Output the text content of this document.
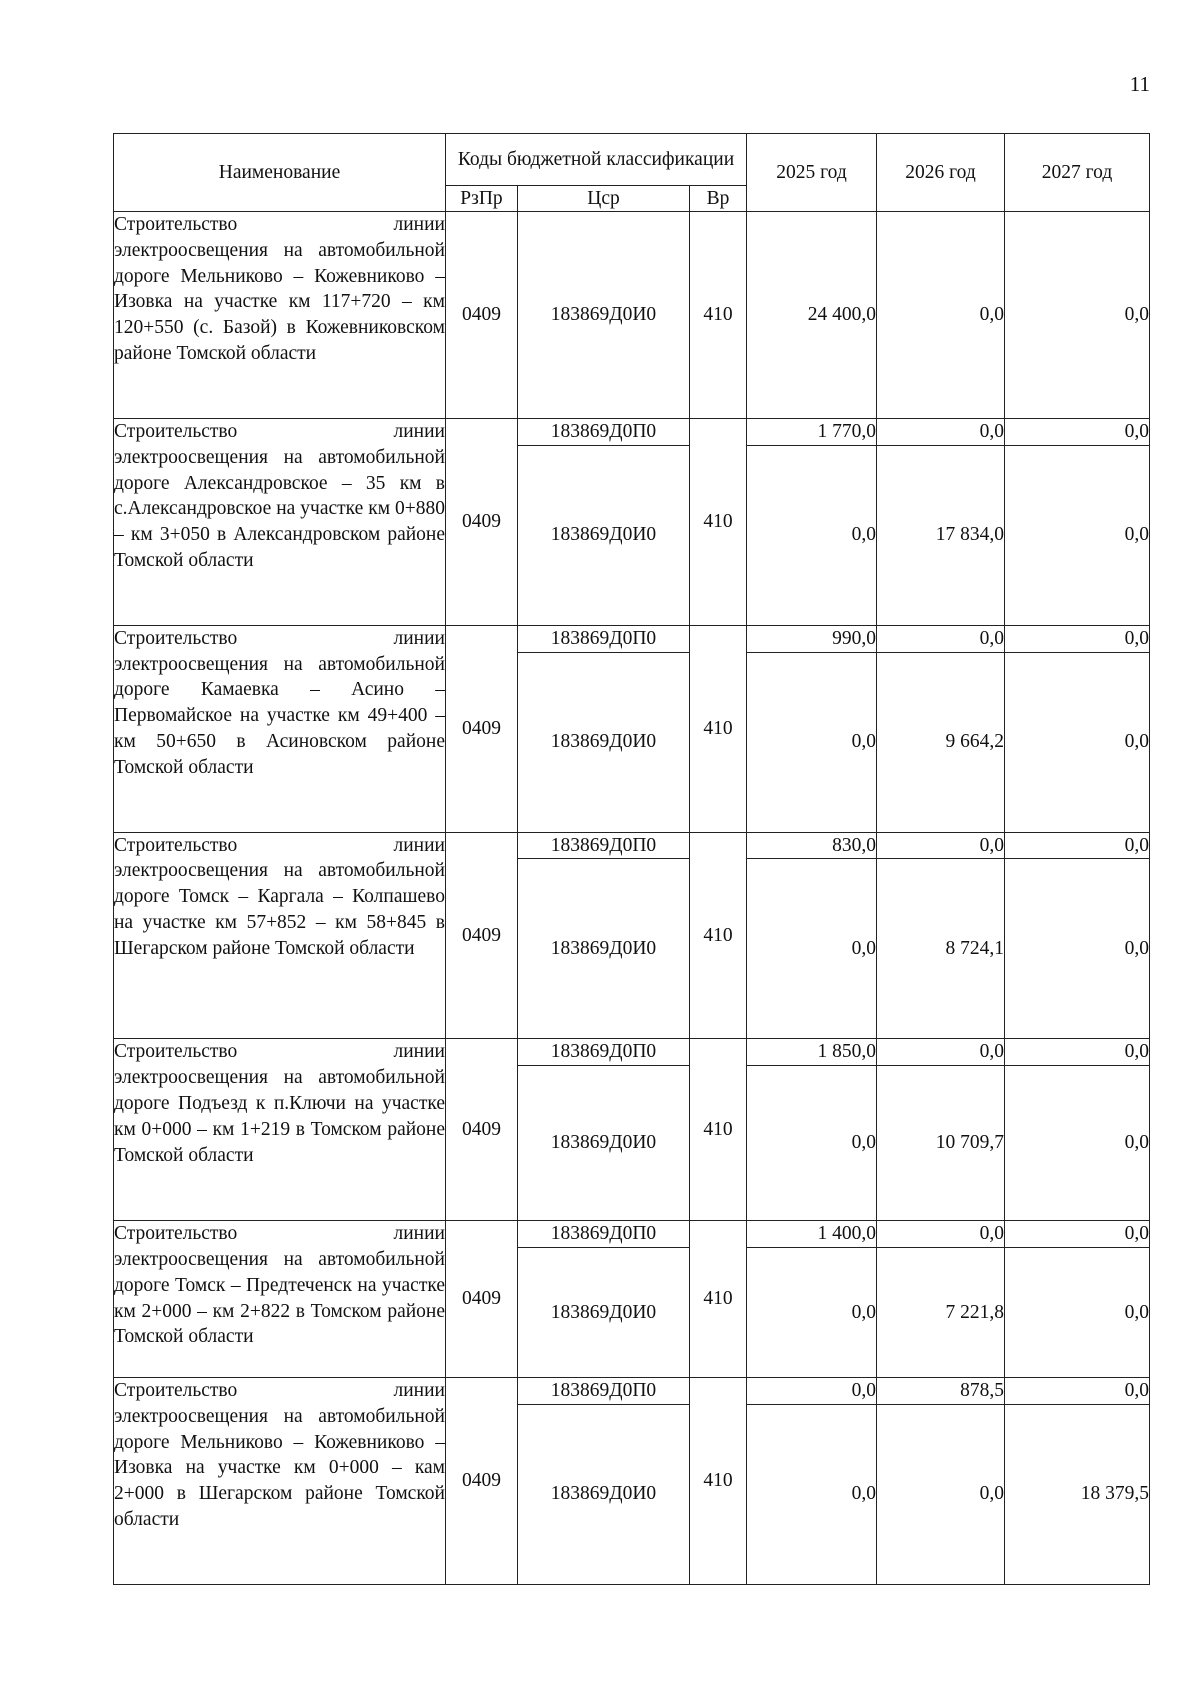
11
Наименование	Коды бюджетной классификации			2025 год	2026 год	2027 год
	РзПр	Цср	Вр			
Строительство линии электроосвещения на автомобильной дороге Мельниково – Кожевниково – Изовка на участке км 117+720 – км 120+550 (с. Базой) в Кожевниковском районе Томской области	0409	183869Д0И0	410	24 400,0	0,0	0,0
Строительство линии электроосвещения на автомобильной дороге Александровское – 35 км в с.Александровское на участке км 0+880 – км 3+050 в Александровском районе Томской области	0409	183869Д0П0	410	1 770,0	0,0	0,0
		183869Д0И0		0,0	17 834,0	0,0
Строительство линии электроосвещения на автомобильной дороге Камаевка – Асино – Первомайское на участке км 49+400 – км 50+650 в Асиновском районе Томской области	0409	183869Д0П0	410	990,0	0,0	0,0
		183869Д0И0		0,0	9 664,2	0,0
Строительство линии электроосвещения на автомобильной дороге Томск – Каргала – Колпашево на участке км 57+852 – км 58+845 в Шегарском районе Томской области	0409	183869Д0П0	410	830,0	0,0	0,0
		183869Д0И0		0,0	8 724,1	0,0
Строительство линии электроосвещения на автомобильной дороге Подъезд к п.Ключи на участке км 0+000 – км 1+219 в Томском районе Томской области	0409	183869Д0П0	410	1 850,0	0,0	0,0
		183869Д0И0		0,0	10 709,7	0,0
Строительство линии электроосвещения на автомобильной дороге Томск – Предтеченск на участке км 2+000 – км 2+822 в Томском районе Томской области	0409	183869Д0П0	410	1 400,0	0,0	0,0
		183869Д0И0		0,0	7 221,8	0,0
Строительство линии электроосвещения на автомобильной дороге Мельниково – Кожевниково – Изовка на участке км 0+000 – кам 2+000 в Шегарском районе Томской области	0409	183869Д0П0	410	0,0	878,5	0,0
		183869Д0И0		0,0	0,0	18 379,5
